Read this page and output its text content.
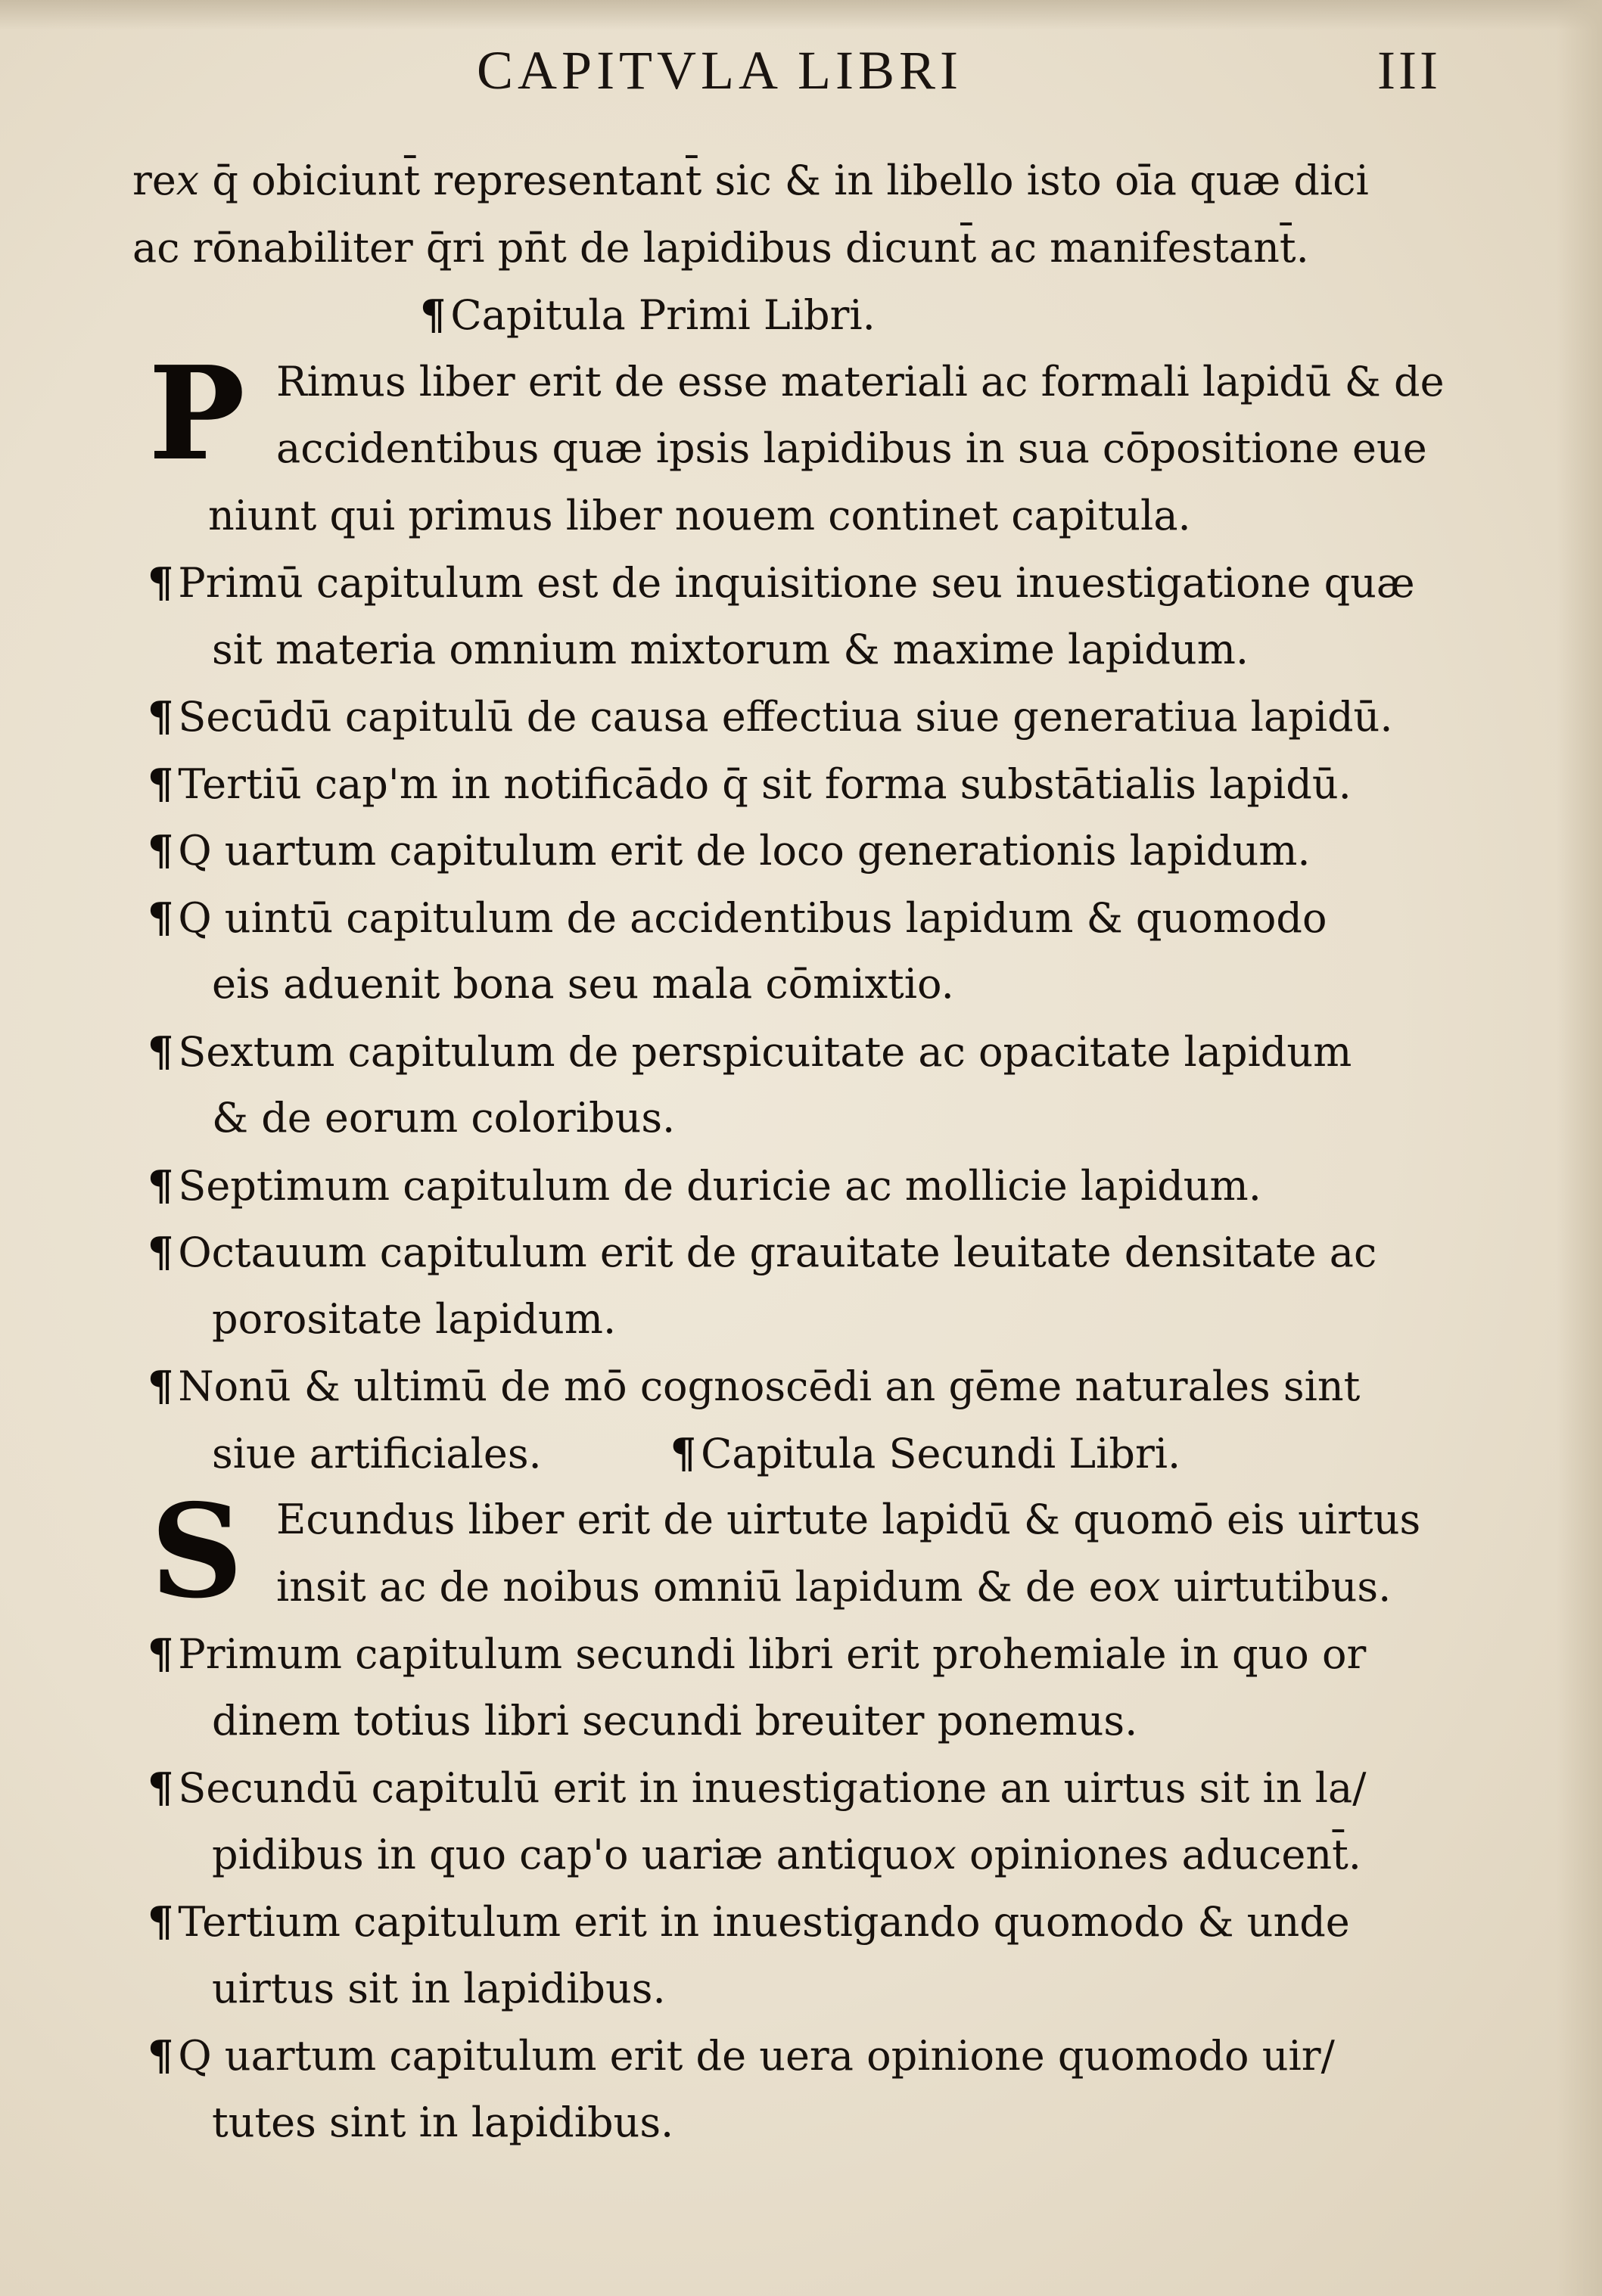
CAPITVLA LIBRI	III
re𝑥 q̄ obiciunt̄ representant̄ sic & in libello isto oīa quæ dici
ac rōnabiliter q̄ri pn̄t de lapidibus dicunt̄ ac manifestant̄.
¶ Capitula Primi Libri.
P Rimus liber erit de esse materiali ac formali lapidū & de
accidentibus quæ ipsis lapidibus in sua cōpositione eue
niunt qui primus liber nouem continet capitula.
¶ Primū capitulum est de inquisitione seu inuestigatione quæ
sit materia omnium mixtorum & maxime lapidum.
¶ Secūdū capitulū de causa effectiua siue generatiua lapidū.
¶ Tertiū cap'm in notificādo q̄ sit forma substātialis lapidū.
¶ Q uartum capitulum erit de loco generationis lapidum.
¶ Q uintū capitulum de accidentibus lapidum & quomodo
eis aduenit bona seu mala cōmixtio.
¶ Sextum capitulum de perspicuitate ac opacitate lapidum
& de eorum coloribus.
¶ Septimum capitulum de duricie ac mollicie lapidum.
¶ Octauum capitulum erit de grauitate leuitate densitate ac
porositate lapidum.
¶ Nonū & ultimū de mō cognoscēdi an gēme naturales sint
siue artificiales.	¶ Capitula Secundi Libri.
S Ecundus liber erit de uirtute lapidū & quomō eis uirtus
insit ac de noibus omniū lapidum & de eo𝑥 uirtutibus.
¶ Primum capitulum secundi libri erit prohemiale in quo or
dinem totius libri secundi breuiter ponemus.
¶ Secundū capitulū erit in inuestigatione an uirtus sit in la/
pidibus in quo cap'o uariæ antiquo𝑥 opiniones aducent̄.
¶ Tertium capitulum erit in inuestigando quomodo & unde
uirtus sit in lapidibus.
¶ Q uartum capitulum erit de uera opinione quomodo uir/
tutes sint in lapidibus.
